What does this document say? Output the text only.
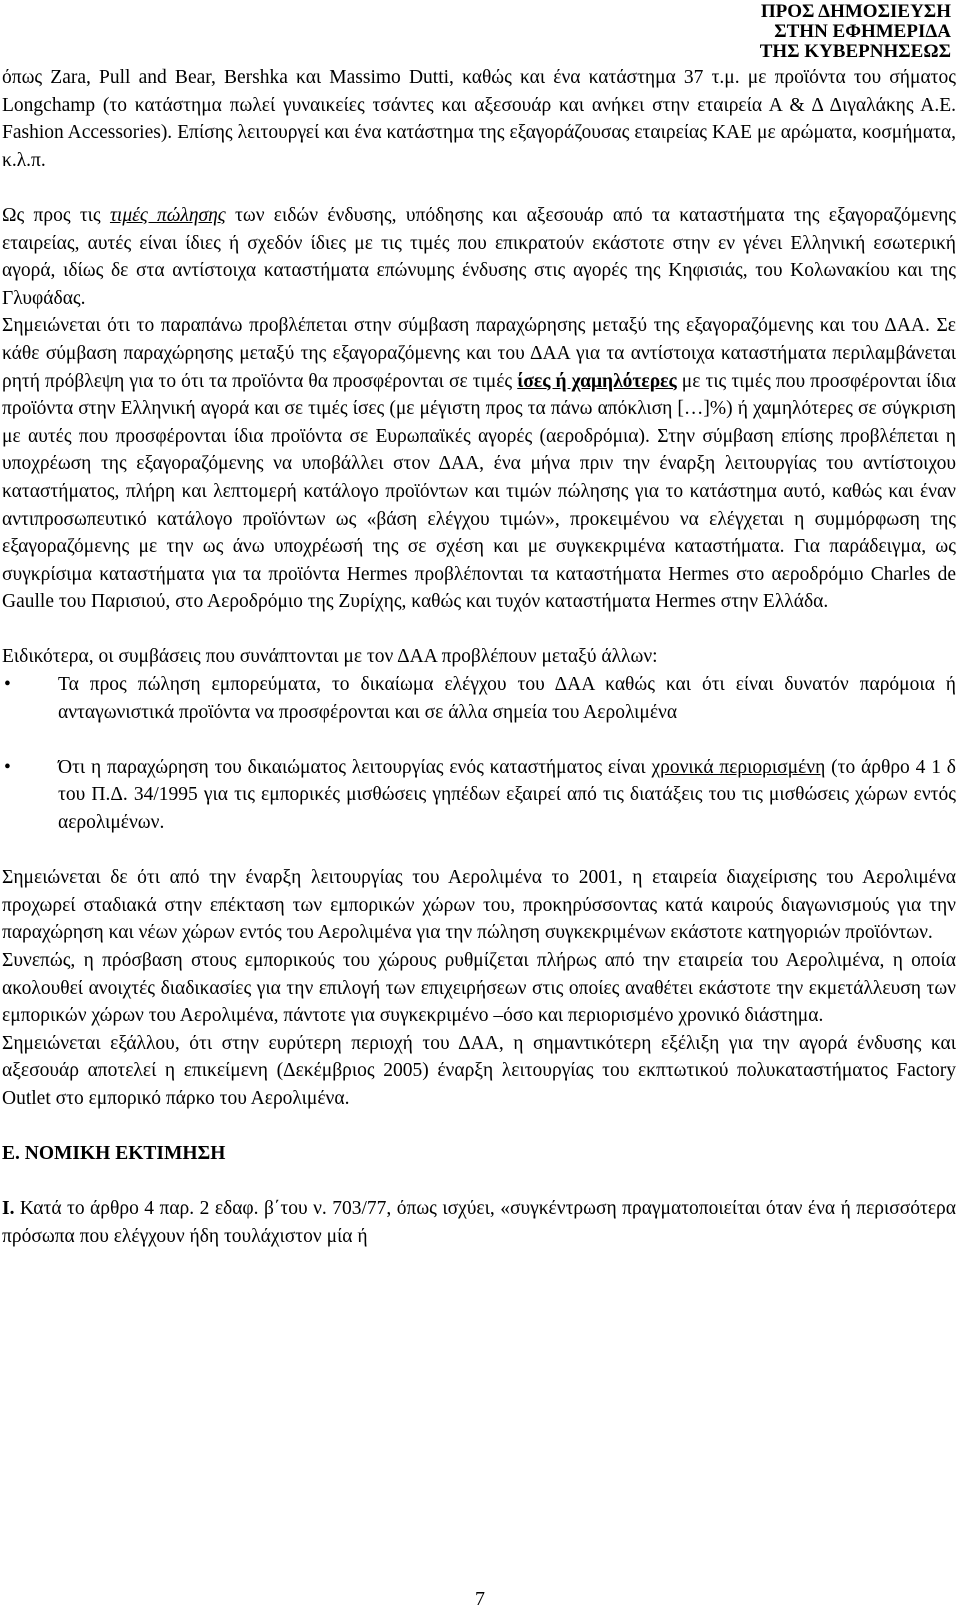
ΠΡΟΣ ΔΗΜΟΣΙΕΥΣΗ
ΣΤΗΝ ΕΦΗΜΕΡΙΔΑ
ΤΗΣ ΚΥΒΕΡΝΗΣΕΩΣ

όπως Zara, Pull and Bear, Bershka και Massimo Dutti, καθώς και ένα κατάστημα 37 τ.μ. με προϊόντα του σήματος Longchamp (το κατάστημα πωλεί γυναικείες τσάντες και αξεσουάρ και ανήκει στην εταιρεία Α & Δ Διγαλάκης Α.Ε. Fashion Accessories). Επίσης λειτουργεί και ένα κατάστημα της εξαγοράζουσας εταιρείας ΚΑΕ με αρώματα, κοσμήματα, κ.λ.π.

Ως προς τις τιμές πώλησης των ειδών ένδυσης, υπόδησης και αξεσουάρ από τα καταστήματα της εξαγοραζόμενης εταιρείας, αυτές είναι ίδιες ή σχεδόν ίδιες με τις τιμές που επικρατούν εκάστοτε στην εν γένει Ελληνική εσωτερική αγορά, ιδίως δε στα αντίστοιχα καταστήματα επώνυμης ένδυσης στις αγορές της Κηφισιάς, του Κολωνακίου και της Γλυφάδας.

Σημειώνεται ότι το παραπάνω προβλέπεται στην σύμβαση παραχώρησης μεταξύ της εξαγοραζόμενης και του ΔΑΑ. Σε κάθε σύμβαση παραχώρησης μεταξύ της εξαγοραζόμενης και του ΔΑΑ για τα αντίστοιχα καταστήματα περιλαμβάνεται ρητή πρόβλεψη για το ότι τα προϊόντα θα προσφέρονται σε τιμές ίσες ή χαμηλότερες με τις τιμές που προσφέρονται ίδια προϊόντα στην Ελληνική αγορά και σε τιμές ίσες (με μέγιστη προς τα πάνω απόκλιση […]%) ή χαμηλότερες σε σύγκριση με αυτές που προσφέρονται ίδια προϊόντα σε Ευρωπαϊκές αγορές (αεροδρόμια). Στην σύμβαση επίσης προβλέπεται η υποχρέωση της εξαγοραζόμενης να υποβάλλει στον ΔΑΑ, ένα μήνα πριν την έναρξη λειτουργίας του αντίστοιχου καταστήματος, πλήρη και λεπτομερή κατάλογο προϊόντων και τιμών πώλησης για το κατάστημα αυτό, καθώς και έναν αντιπροσωπευτικό κατάλογο προϊόντων ως «βάση ελέγχου τιμών», προκειμένου να ελέγχεται η συμμόρφωση της εξαγοραζόμενης με την ως άνω υποχρέωσή της σε σχέση και με συγκεκριμένα καταστήματα. Για παράδειγμα, ως συγκρίσιμα καταστήματα για τα προϊόντα Hermes προβλέπονται τα καταστήματα Hermes στο αεροδρόμιο Charles de Gaulle του Παρισιού, στο Αεροδρόμιο της Ζυρίχης, καθώς και τυχόν καταστήματα Hermes στην Ελλάδα.

Ειδικότερα, οι συμβάσεις που συνάπτονται με τον ΔΑΑ προβλέπουν μεταξύ άλλων:

• Τα προς πώληση εμπορεύματα, το δικαίωμα ελέγχου του ΔΑΑ καθώς και ότι είναι δυνατόν παρόμοια ή ανταγωνιστικά προϊόντα να προσφέρονται και σε άλλα σημεία του Αερολιμένα
• Ότι η παραχώρηση του δικαιώματος λειτουργίας ενός καταστήματος είναι χρονικά περιορισμένη (το άρθρο 4 1 δ του Π.Δ. 34/1995 για τις εμπορικές μισθώσεις γηπέδων εξαιρεί από τις διατάξεις του τις μισθώσεις χώρων εντός αερολιμένων.

Σημειώνεται δε ότι από την έναρξη λειτουργίας του Αερολιμένα το 2001, η εταιρεία διαχείρισης του Αερολιμένα προχωρεί σταδιακά στην επέκταση των εμπορικών χώρων του, προκηρύσσοντας κατά καιρούς διαγωνισμούς για την παραχώρηση και νέων χώρων εντός του Αερολιμένα για την πώληση συγκεκριμένων εκάστοτε κατηγοριών προϊόντων.

Συνεπώς, η πρόσβαση στους εμπορικούς του χώρους ρυθμίζεται πλήρως από την εταιρεία του Αερολιμένα, η οποία ακολουθεί ανοιχτές διαδικασίες για την επιλογή των επιχειρήσεων στις οποίες αναθέτει εκάστοτε την εκμετάλλευση των εμπορικών χώρων του Αερολιμένα, πάντοτε για συγκεκριμένο –όσο και περιορισμένο χρονικό διάστημα.

Σημειώνεται εξάλλου, ότι στην ευρύτερη περιοχή του ΔΑΑ, η σημαντικότερη εξέλιξη για την αγορά ένδυσης και αξεσουάρ αποτελεί η επικείμενη (Δεκέμβριος 2005) έναρξη λειτουργίας του εκπτωτικού πολυκαταστήματος Factory Outlet στο εμπορικό πάρκο του Αερολιμένα.

Ε. ΝΟΜΙΚΗ ΕΚΤΙΜΗΣΗ

Ι. Κατά το άρθρο 4 παρ. 2 εδαφ. β΄του ν. 703/77, όπως ισχύει, «συγκέντρωση πραγματοποιείται όταν ένα ή περισσότερα πρόσωπα που ελέγχουν ήδη τουλάχιστον μία ή

7
